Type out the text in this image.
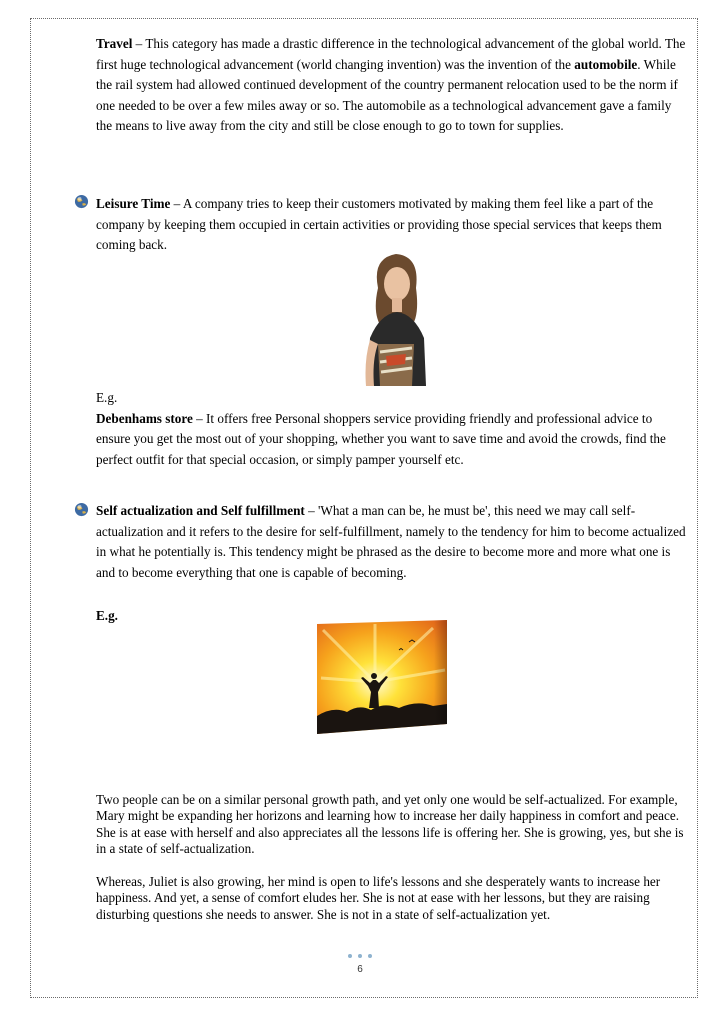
Travel – This category has made a drastic difference in the technological advancement of the global world. The first huge technological advancement (world changing invention) was the invention of the automobile. While the rail system had allowed continued development of the country permanent relocation used to be the norm if one needed to be over a few miles away or so. The automobile as a technological advancement gave a family the means to live away from the city and still be close enough to go to town for supplies.

Leisure Time – A company tries to keep their customers motivated by making them feel like a part of the company by keeping them occupied in certain activities or providing those special services that keeps them coming back.

E.g.
Debenhams store – It offers free Personal shoppers service providing friendly and professional advice to ensure you get the most out of your shopping, whether you want to save time and avoid the crowds, find the perfect outfit for that special occasion, or simply pamper yourself etc.

Self actualization and Self fulfillment – 'What a man can be, he must be', this need we may call self-actualization and it refers to the desire for self-fulfillment, namely to the tendency for him to become actualized in what he potentially is. This tendency might be phrased as the desire to become more and more what one is and to become everything that one is capable of becoming.

E.g.
Two people can be on a similar personal growth path, and yet only one would be self-actualized. For example, Mary might be expanding her horizons and learning how to increase her daily happiness in comfort and peace. She is at ease with herself and also appreciates all the lessons life is offering her. She is growing, yes, but she is in a state of self-actualization.
Whereas, Juliet is also growing, her mind is open to life's lessons and she desperately wants to increase her happiness. And yet, a sense of comfort eludes her. She is not at ease with her lessons, but they are raising disturbing questions she needs to answer. She is not in a state of self-actualization yet.
6
